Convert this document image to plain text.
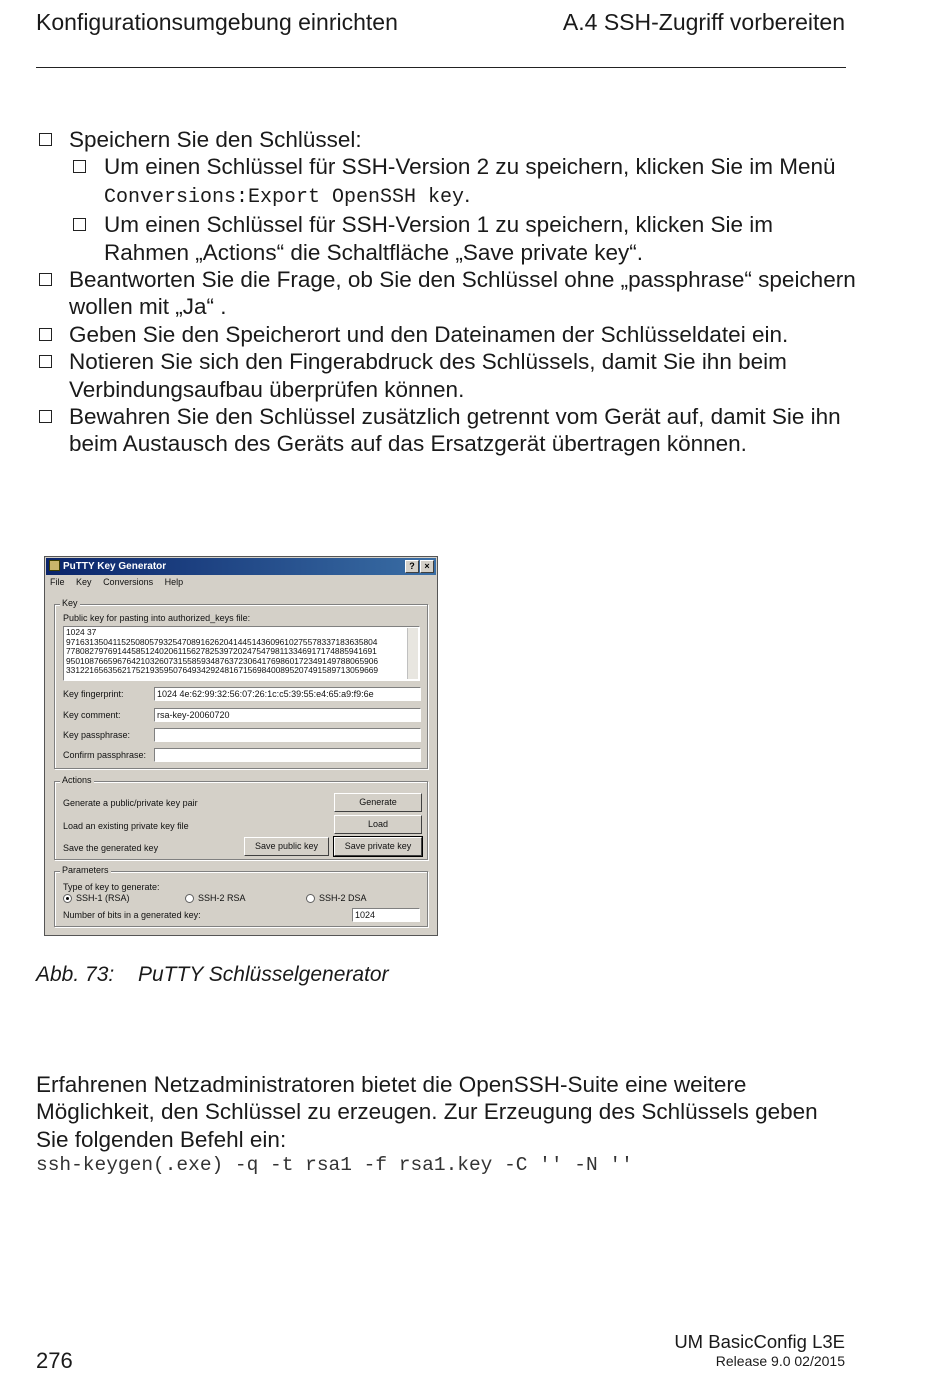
Konfigurationsumgebung einrichten	A.4 SSH-Zugriff vorbereiten
Speichern Sie den Schlüssel:
Um einen Schlüssel für SSH-Version 2 zu speichern, klicken Sie im Menü Conversions:Export OpenSSH key.
Um einen Schlüssel für SSH-Version 1 zu speichern, klicken Sie im Rahmen „Actions“ die Schaltfläche „Save private key“.
Beantworten Sie die Frage, ob Sie den Schlüssel ohne „passphrase“ speichern wollen mit „Ja“ .
Geben Sie den Speicherort und den Dateinamen der Schlüsseldatei ein.
Notieren Sie sich den Fingerabdruck des Schlüssels, damit Sie ihn beim Verbindungsaufbau überprüfen können.
Bewahren Sie den Schlüssel zusätzlich getrennt vom Gerät auf, damit Sie ihn beim Austausch des Geräts auf das Ersatzgerät übertragen können.
PuTTY Key Generator	?	×
File Key Conversions Help
Key
Public key for pasting into authorized_keys file:
1024 37
9716313504115250805793254708916262041445143609610275578337183635804
7780827976914458512402061156278253972024754798113346917174885941691
9501087665967642103260731558593487637230641769860172349149788065906
3312216563562175219359507649342924816715698400895207491589713059669
Key fingerprint:	1024 4e:62:99:32:56:07:26:1c:c5:39:55:e4:65:a9:f9:6e
Key comment:	rsa-key-20060720
Key passphrase:
Confirm passphrase:
Actions
Generate a public/private key pair	Generate
Load an existing private key file	Load
Save the generated key	Save public key	Save private key
Parameters
Type of key to generate:
SSH-1 (RSA)	SSH-2 RSA	SSH-2 DSA
Number of bits in a generated key:	1024
Abb. 73: PuTTY Schlüsselgenerator
Erfahrenen Netzadministratoren bietet die OpenSSH-Suite eine weitere Möglichkeit, den Schlüssel zu erzeugen. Zur Erzeugung des Schlüssels geben Sie folgenden Befehl ein:
ssh-keygen(.exe) -q -t rsa1 -f rsa1.key -C '' -N ''
276
UM BasicConfig L3E
Release 9.0 02/2015
